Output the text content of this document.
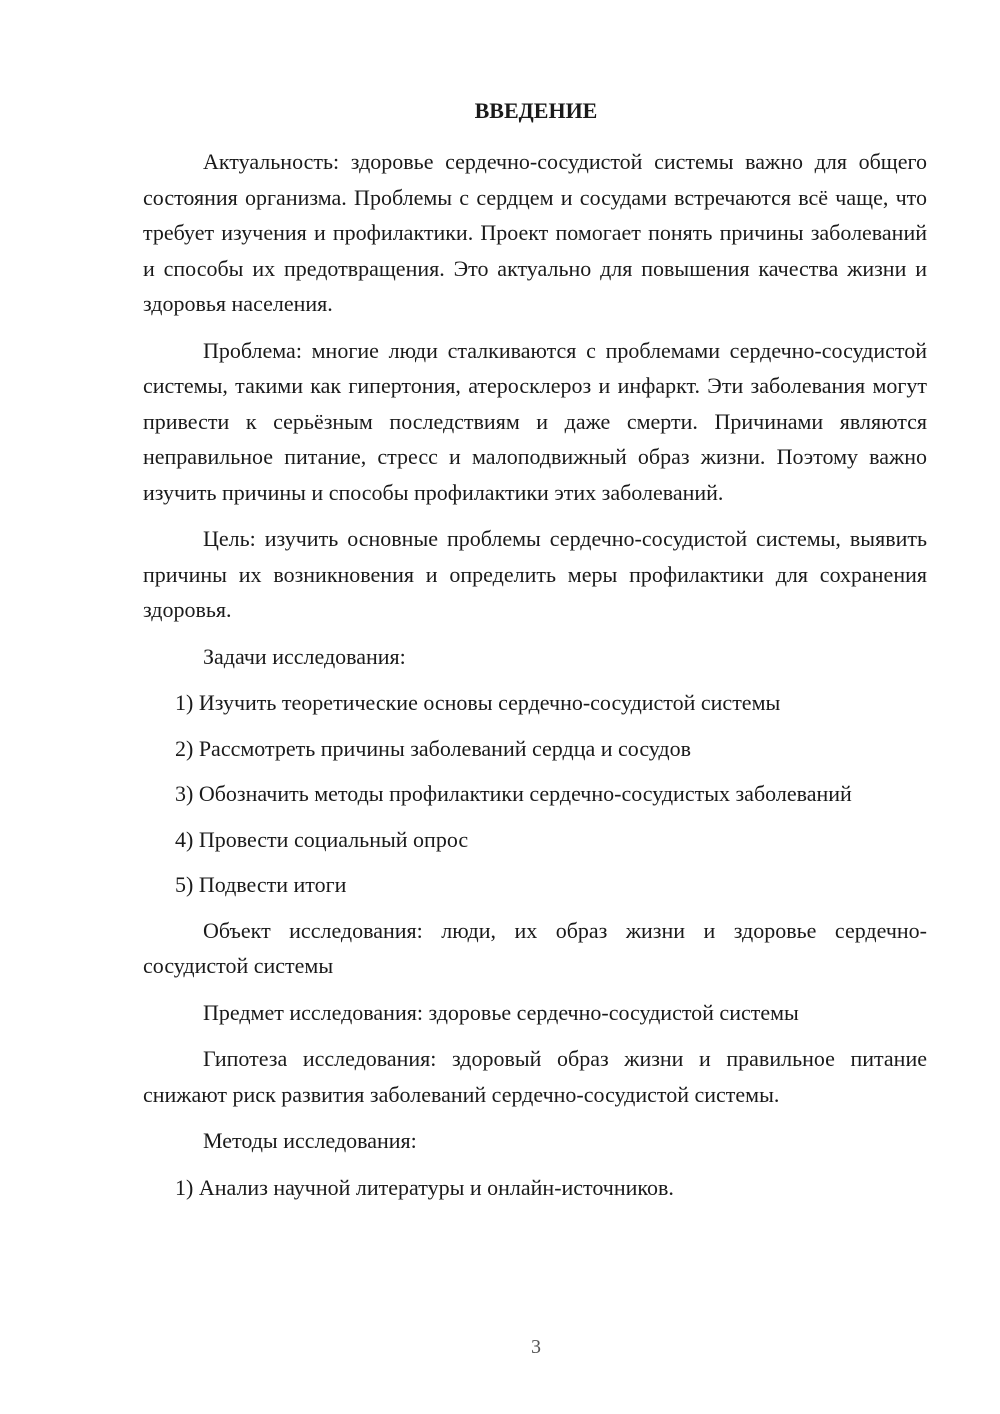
ВВЕДЕНИЕ

Актуальность: здоровье сердечно-сосудистой системы важно для общего состояния организма. Проблемы с сердцем и сосудами встречаются всё чаще, что требует изучения и профилактики. Проект помогает понять причины заболеваний и способы их предотвращения. Это актуально для повышения качества жизни и здоровья населения.

Проблема: многие люди сталкиваются с проблемами сердечно-сосудистой системы, такими как гипертония, атеросклероз и инфаркт. Эти заболевания могут привести к серьёзным последствиям и даже смерти. Причинами являются неправильное питание, стресс и малоподвижный образ жизни. Поэтому важно изучить причины и способы профилактики этих заболеваний.

Цель: изучить основные проблемы сердечно-сосудистой системы, выявить причины их возникновения и определить меры профилактики для сохранения здоровья.

Задачи исследования:

1) Изучить теоретические основы сердечно-сосудистой системы

2) Рассмотреть причины заболеваний сердца и сосудов

3) Обозначить методы профилактики сердечно-сосудистых заболеваний

4) Провести социальный опрос

5) Подвести итоги

Объект исследования: люди, их образ жизни и здоровье сердечно-сосудистой системы

Предмет исследования: здоровье сердечно-сосудистой системы

Гипотеза исследования: здоровый образ жизни и правильное питание снижают риск развития заболеваний сердечно-сосудистой системы.

Методы исследования:

1) Анализ научной литературы и онлайн-источников.

3
